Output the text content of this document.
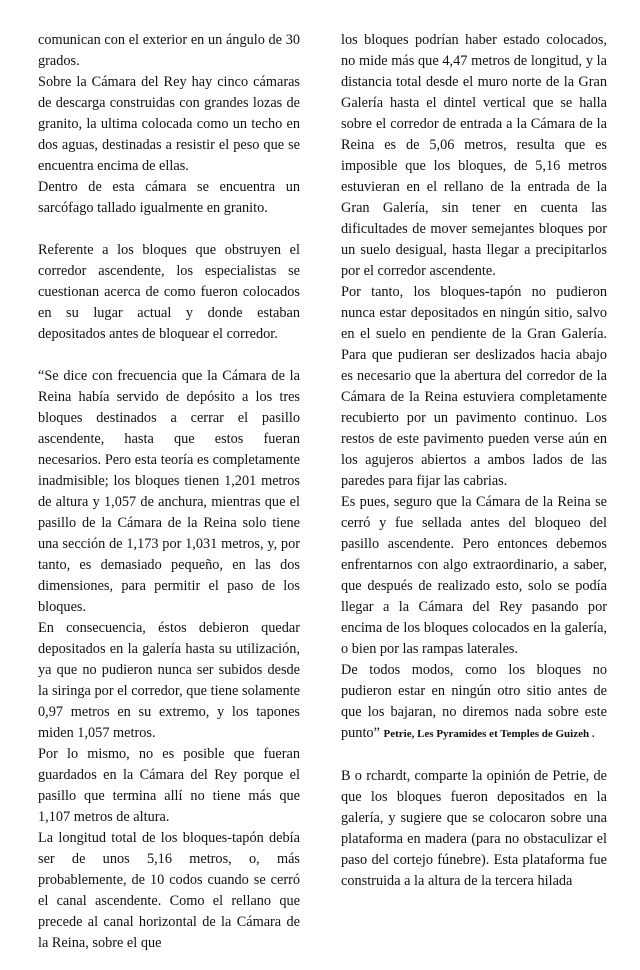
comunican con el exterior en un ángulo de 30 grados.

Sobre la Cámara del Rey hay cinco cámaras de descarga construidas con grandes lozas de granito, la ultima colocada como un techo en dos aguas, destinadas a resistir el peso que se encuentra encima de ellas.

Dentro de esta cámara se encuentra un sarcófago tallado igualmente en granito.

Referente a los bloques que obstruyen el corredor ascendente, los especialistas se cuestionan acerca de como fueron colocados en su lugar actual y donde estaban depositados antes de bloquear el corredor.

“Se dice con frecuencia que la Cámara de la Reina había servido de depósito a los tres bloques destinados a cerrar el pasillo ascendente, hasta que estos fueran necesarios. Pero esta teoría es completamente inadmisible; los bloques tienen 1,201 metros de altura y 1,057 de anchura, mientras que el pasillo de la Cámara de la Reina solo tiene una sección de 1,173 por 1,031 metros, y, por tanto, es demasiado pequeño, en las dos dimensiones, para permitir el paso de los bloques.

En consecuencia, éstos debieron quedar depositados en la galería hasta su utilización, ya que no pudieron nunca ser subidos desde la siringa por el corredor, que tiene solamente 0,97 metros en su extremo, y los tapones miden 1,057 metros.

Por lo mismo, no es posible que fueran guardados en la Cámara del Rey porque el pasillo que termina allí no tiene más que 1,107 metros de altura.

La longitud total de los bloques-tapón debía ser de unos 5,16 metros, o, más probablemente, de 10 codos cuando se cerró el canal ascendente. Como el rellano que precede al canal horizontal de la Cámara de la Reina, sobre el que

los bloques podrían haber estado colocados, no mide más que 4,47 metros de longitud, y la distancia total desde el muro norte de la Gran Galería hasta el dintel vertical que se halla sobre el corredor de entrada a la Cámara de la Reina es de 5,06 metros, resulta que es imposible que los bloques, de 5,16 metros estuvieran en el rellano de la entrada de la Gran Galería, sin tener en cuenta las dificultades de mover semejantes bloques por un suelo desigual, hasta llegar a precipitarlos por el corredor ascendente.

Por tanto, los bloques-tapón no pudieron nunca estar depositados en ningún sitio, salvo en el suelo en pendiente de la Gran Galería. Para que pudieran ser deslizados hacia abajo es necesario que la abertura del corredor de la Cámara de la Reina estuviera completamente recubierto por un pavimento continuo. Los restos de este pavimento pueden verse aún en los agujeros abiertos a ambos lados de las paredes para fijar las cabrias.

Es pues, seguro que la Cámara de la Reina se cerró y fue sellada antes del bloqueo del pasillo ascendente. Pero entonces debemos enfrentarnos con algo extraordinario, a saber, que después de realizado esto, solo se podía llegar a la Cámara del Rey pasando por encima de los bloques colocados en la galería, o bien por las rampas laterales.

De todos modos, como los bloques no pudieron estar en ningún otro sitio antes de que los bajaran, no diremos nada sobre este punto” Petrie, Les Pyramides et Temples de Guizeh .

B o rchardt, comparte la opinión de Petrie, de que los bloques fueron depositados en la galería, y sugiere que se colocaron sobre una plataforma en madera (para no obstaculizar el paso del cortejo fúnebre). Esta plataforma fue construida a la altura de la tercera hilada
